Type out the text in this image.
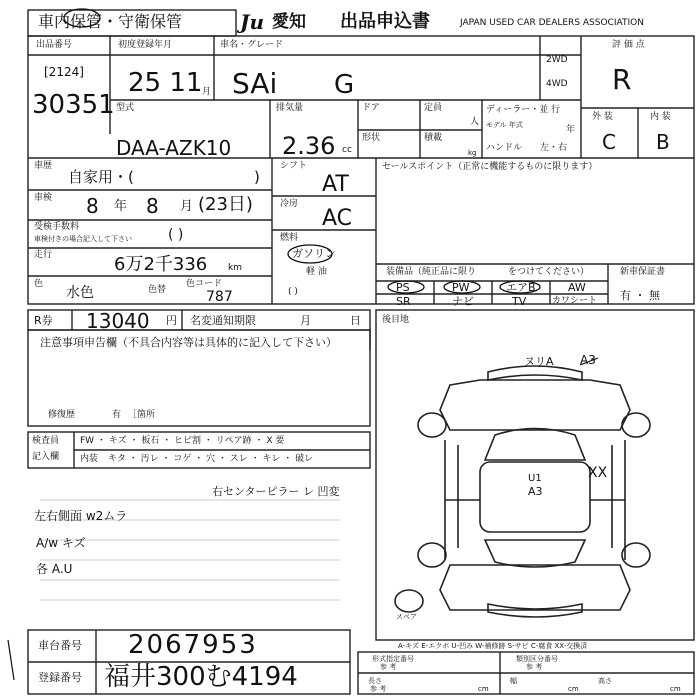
車内保管・守衛保管	Ju 愛知 出品申込書	JAPAN USED CAR DEALERS ASSOCIATION
出品番号
[2124]
30351
初度登録年月
25 11 月
車名・グレード
SAi G
2WD
4WD
評 価 点
R
外 装	内 装
C B
型式
DAA-AZK10
排気量
2.36 cc
ドア
形状
定員
人
積載
kg
ディーラー・並 行
モデル 年式	年
ハンドル 左・右
車歴
自家用・(	)
車検 8 年 8 月 (23日)
受検手数料
車検付きの場合記入して下さい	( )
走行	6万2千336 km
色
水色	色替
色コード
787
シフト
AT
冷房
AC
燃料
ガソリン
軽 油
( )
セールスポイント（正常に機能するものに限ります）
装備品（純正品に限り	をつけてください）
PS	PW	エアB	AW
SR	ナビ	TV	カワシート
新車保証書
有 ・ 無
R券 13040 円 名変通知期限	月	日
注意事項申告欄（不具合内容等は具体的に記入して下さい）
修復歴	有 ［箇所
検査員
記入欄
FW ・ キズ ・ 板石 ・ ヒビ割 ・ リペア跡 ・ X 要
内装 キタ ・ 汚レ ・ コゲ ・ 穴 ・ スレ ・ キレ ・ 破レ
右センターピラー レ 凹変
左右側面 w2ムラ
A/w キズ
各 A.U
後目地
ヌリA A3
U1
A3
XX
スペア
A-キズ E-エクボ U-凹み W-補修跡 S-サビ C-腐食 XX-交換済
車台番号 2067953
登録番号 福井300む4194
形式指定番号
参 考
類別区分番号
参 考
長さ
参 考	cm
幅
cm
高さ
cm
